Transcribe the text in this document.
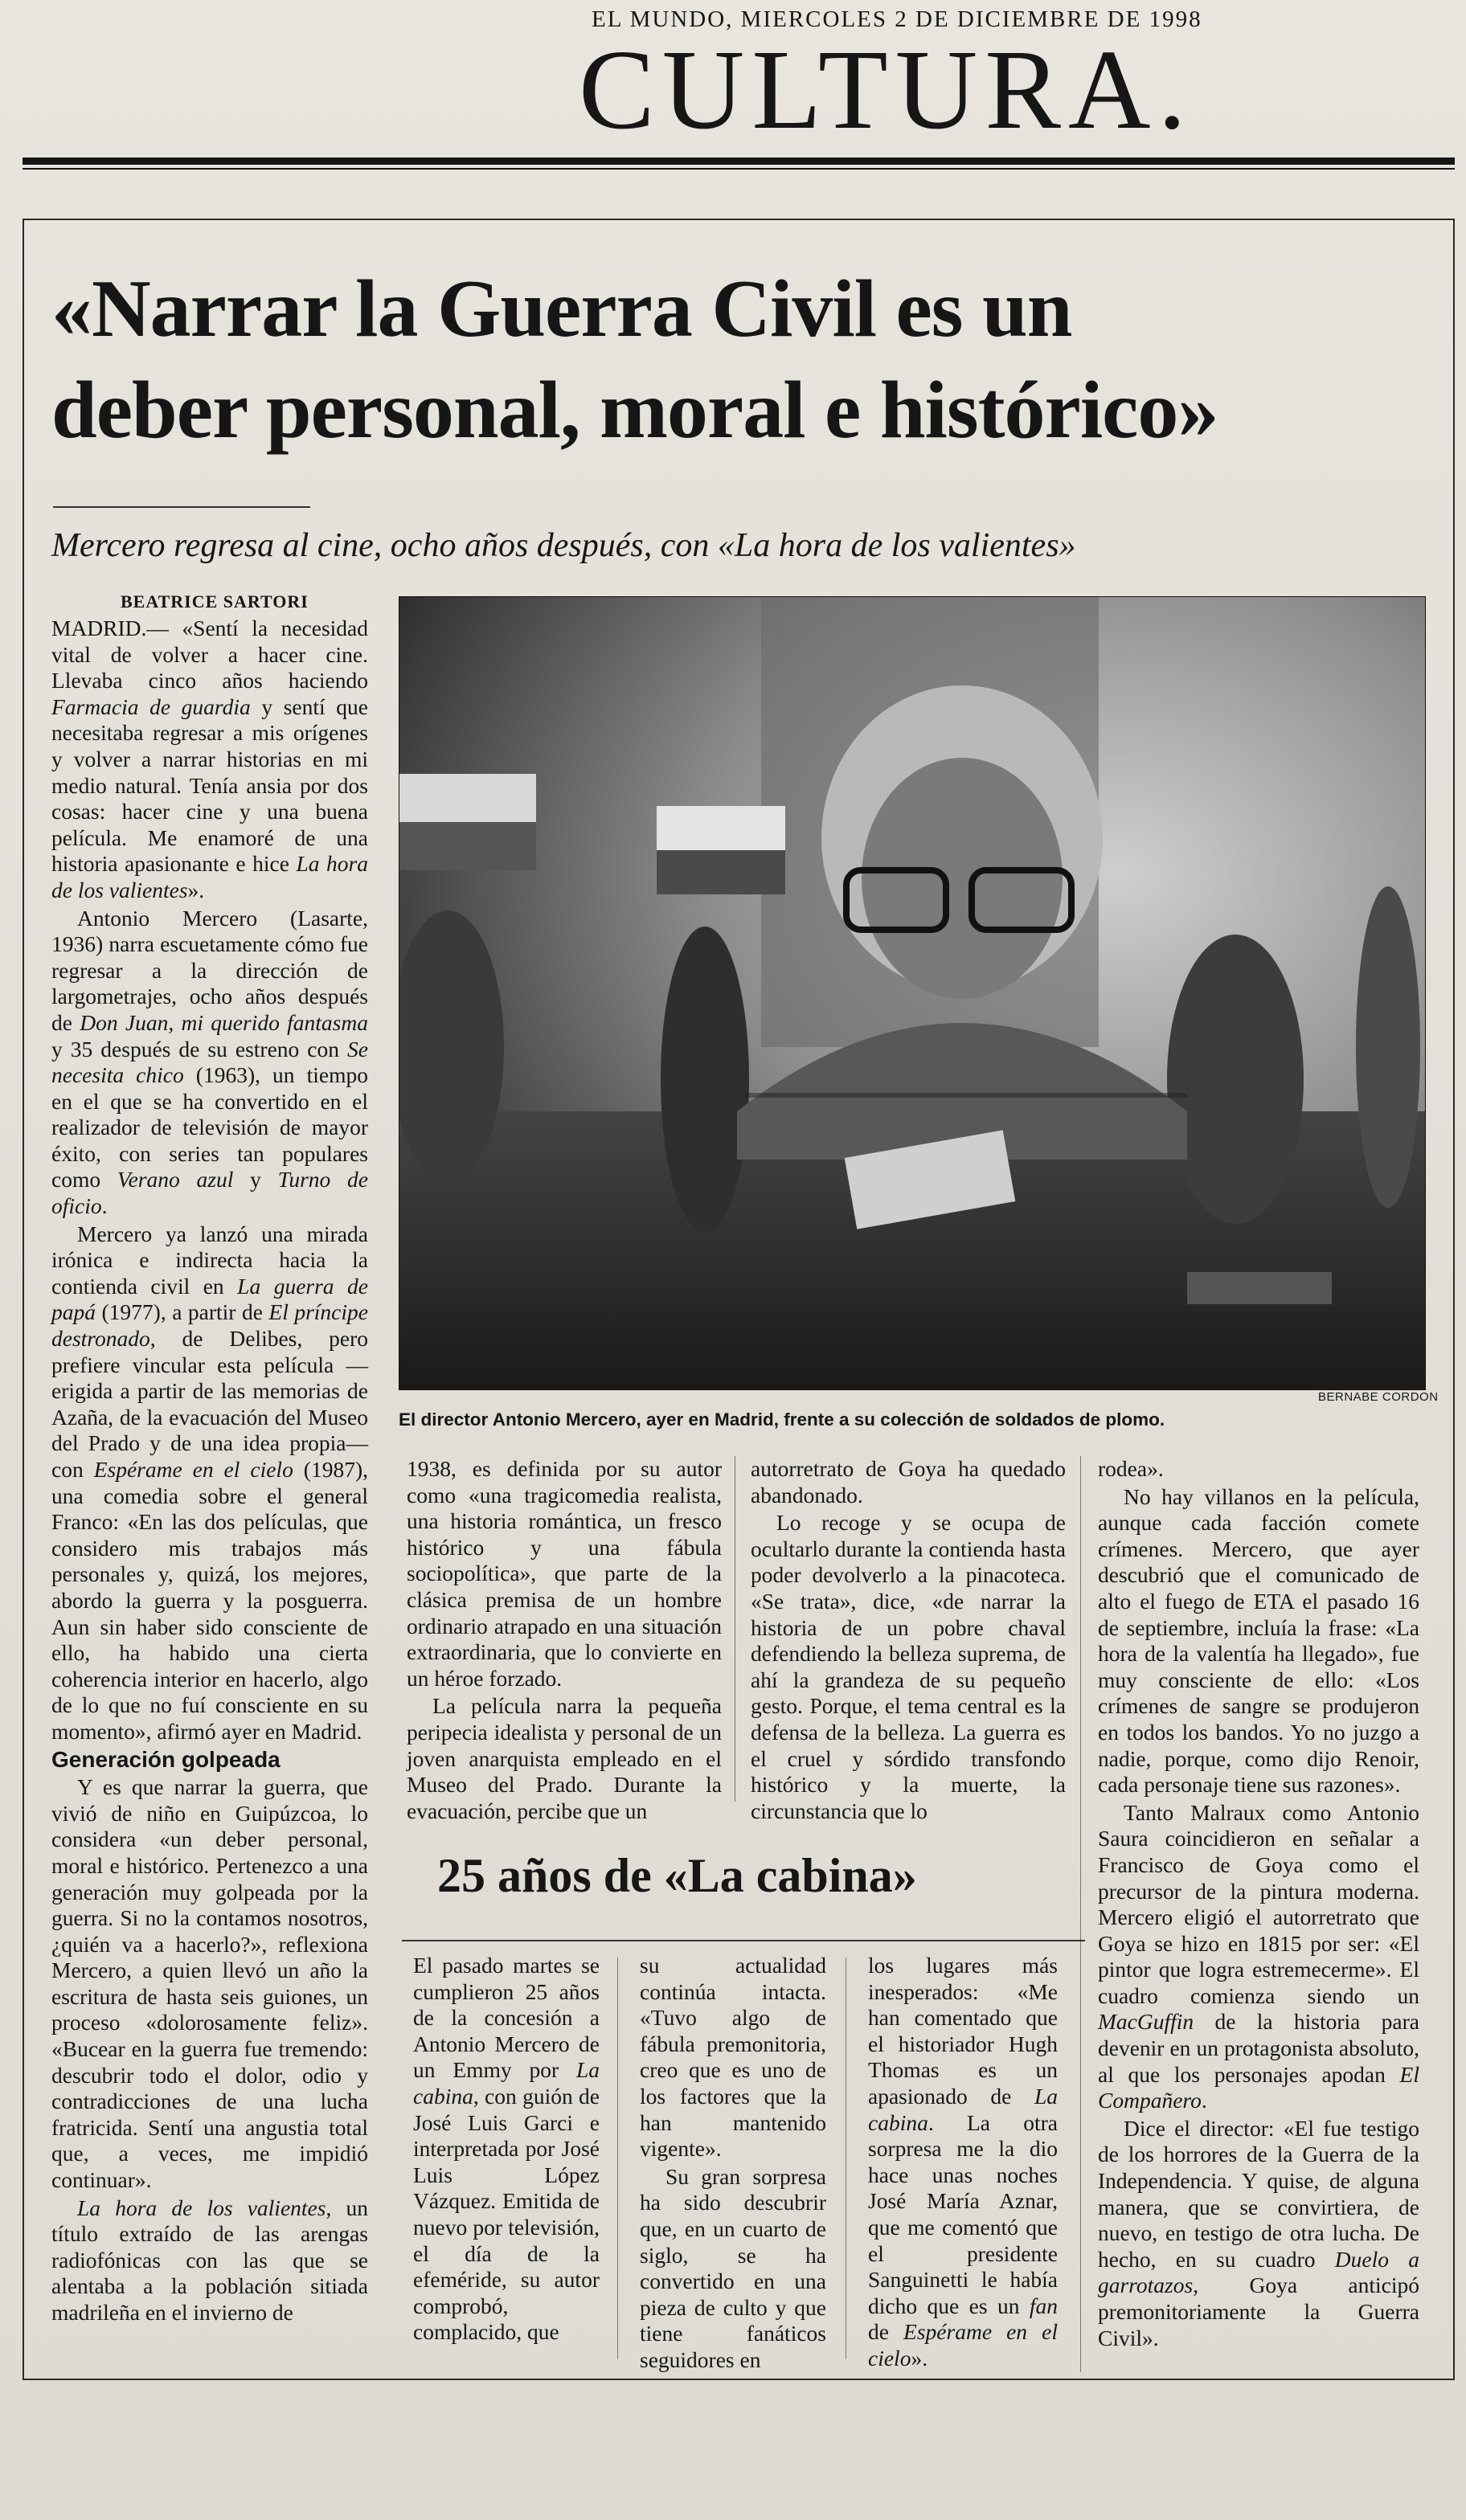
EL MUNDO, MIERCOLES 2 DE DICIEMBRE DE 1998
CULTURA.
«Narrar la Guerra Civil es un
deber personal, moral e histórico»
Mercero regresa al cine, ocho años después, con «La hora de los valientes»
BEATRICE SARTORI

MADRID.— «Sentí la necesidad vital de volver a hacer cine. Llevaba cinco años haciendo Farmacia de guardia y sentí que necesitaba regresar a mis orígenes y volver a narrar historias en mi medio natural. Tenía ansia por dos cosas: hacer cine y una buena película. Me enamoré de una historia apasionante e hice La hora de los valientes».

Antonio Mercero (Lasarte, 1936) narra escuetamente cómo fue regresar a la dirección de largometrajes, ocho años después de Don Juan, mi querido fantasma y 35 después de su estreno con Se necesita chico (1963), un tiempo en el que se ha convertido en el realizador de televisión de mayor éxito, con series tan populares como Verano azul y Turno de oficio.

Mercero ya lanzó una mirada irónica e indirecta hacia la contienda civil en La guerra de papá (1977), a partir de El príncipe destronado, de Delibes, pero prefiere vincular esta película —erigida a partir de las memorias de Azaña, de la evacuación del Museo del Prado y de una idea propia— con Espérame en el cielo (1987), una comedia sobre el general Franco: «En las dos películas, que considero mis trabajos más personales y, quizá, los mejores, abordo la guerra y la posguerra. Aun sin haber sido consciente de ello, ha habido una cierta coherencia interior en hacerlo, algo de lo que no fuí consciente en su momento», afirmó ayer en Madrid.

Generación golpeada

Y es que narrar la guerra, que vivió de niño en Guipúzcoa, lo considera «un deber personal, moral e histórico. Pertenezco a una generación muy golpeada por la guerra. Si no la contamos nosotros, ¿quién va a hacerlo?», reflexiona Mercero, a quien llevó un año la escritura de hasta seis guiones, un proceso «dolorosamente feliz». «Bucear en la guerra fue tremendo: descubrir todo el dolor, odio y contradicciones de una lucha fratricida. Sentí una angustia total que, a veces, me impidió continuar».

La hora de los valientes, un título extraído de las arengas radiofónicas con las que se alentaba a la población sitiada madrileña en el invierno de

BERNABE CORDON
El director Antonio Mercero, ayer en Madrid, frente a su colección de soldados de plomo.

1938, es definida por su autor como «una tragicomedia realista, una historia romántica, un fresco histórico y una fábula sociopolítica», que parte de la clásica premisa de un hombre ordinario atrapado en una situación extraordinaria, que lo convierte en un héroe forzado.

La película narra la pequeña peripecia idealista y personal de un joven anarquista empleado en el Museo del Prado. Durante la evacuación, percibe que un

autorretrato de Goya ha quedado abandonado.

Lo recoge y se ocupa de ocultarlo durante la contienda hasta poder devolverlo a la pinacoteca. «Se trata», dice, «de narrar la historia de un pobre chaval defendiendo la belleza suprema, de ahí la grandeza de su pequeño gesto. Porque, el tema central es la defensa de la belleza. La guerra es el cruel y sórdido transfondo histórico y la muerte, la circunstancia que lo

rodea».

No hay villanos en la película, aunque cada facción comete crímenes. Mercero, que ayer descubrió que el comunicado de alto el fuego de ETA el pasado 16 de septiembre, incluía la frase: «La hora de la valentía ha llegado», fue muy consciente de ello: «Los crímenes de sangre se produjeron en todos los bandos. Yo no juzgo a nadie, porque, como dijo Renoir, cada personaje tiene sus razones».

Tanto Malraux como Antonio Saura coincidieron en señalar a Francisco de Goya como el precursor de la pintura moderna. Mercero eligió el autorretrato que Goya se hizo en 1815 por ser: «El pintor que logra estremecerme». El cuadro comienza siendo un MacGuffin de la historia para devenir en un protagonista absoluto, al que los personajes apodan El Compañero.

Dice el director: «El fue testigo de los horrores de la Guerra de la Independencia. Y quise, de alguna manera, que se convirtiera, de nuevo, en testigo de otra lucha. De hecho, en su cuadro Duelo a garrotazos, Goya anticipó premonitoriamente la Guerra Civil».

25 años de «La cabina»

El pasado martes se cumplieron 25 años de la concesión a Antonio Mercero de un Emmy por La cabina, con guión de José Luis Garci e interpretada por José Luis López Vázquez. Emitida de nuevo por televisión, el día de la efeméride, su autor comprobó, complacido, que

su actualidad continúa intacta. «Tuvo algo de fábula premonitoria, creo que es uno de los factores que la han mantenido vigente».

Su gran sorpresa ha sido descubrir que, en un cuarto de siglo, se ha convertido en una pieza de culto y que tiene fanáticos seguidores en

los lugares más inesperados: «Me han comentado que el historiador Hugh Thomas es un apasionado de La cabina. La otra sorpresa me la dio hace unas noches José María Aznar, que me comentó que el presidente Sanguinetti le había dicho que es un fan de Espérame en el cielo».
